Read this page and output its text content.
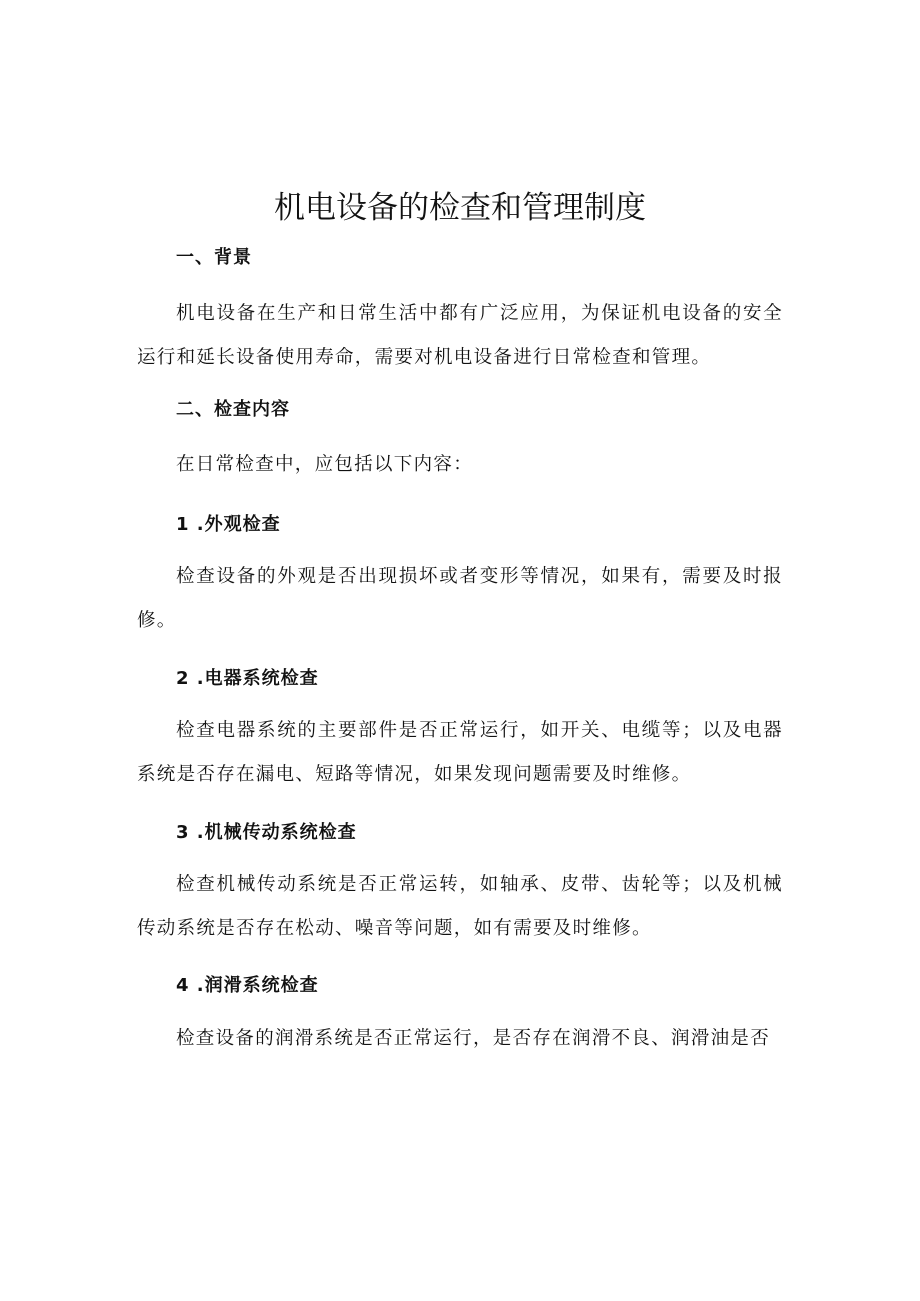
机电设备的检查和管理制度
一、背景

机电设备在生产和日常生活中都有广泛应用，为保证机电设备的安全运行和延长设备使用寿命，需要对机电设备进行日常检查和管理。

二、检查内容

在日常检查中，应包括以下内容：

1 .外观检查

检查设备的外观是否出现损坏或者变形等情况，如果有，需要及时报修。

2 .电器系统检查

检查电器系统的主要部件是否正常运行，如开关、电缆等；以及电器系统是否存在漏电、短路等情况，如果发现问题需要及时维修。

3 .机械传动系统检查

检查机械传动系统是否正常运转，如轴承、皮带、齿轮等；以及机械传动系统是否存在松动、噪音等问题，如有需要及时维修。

4 .润滑系统检查

检查设备的润滑系统是否正常运行，是否存在润滑不良、润滑油是否
